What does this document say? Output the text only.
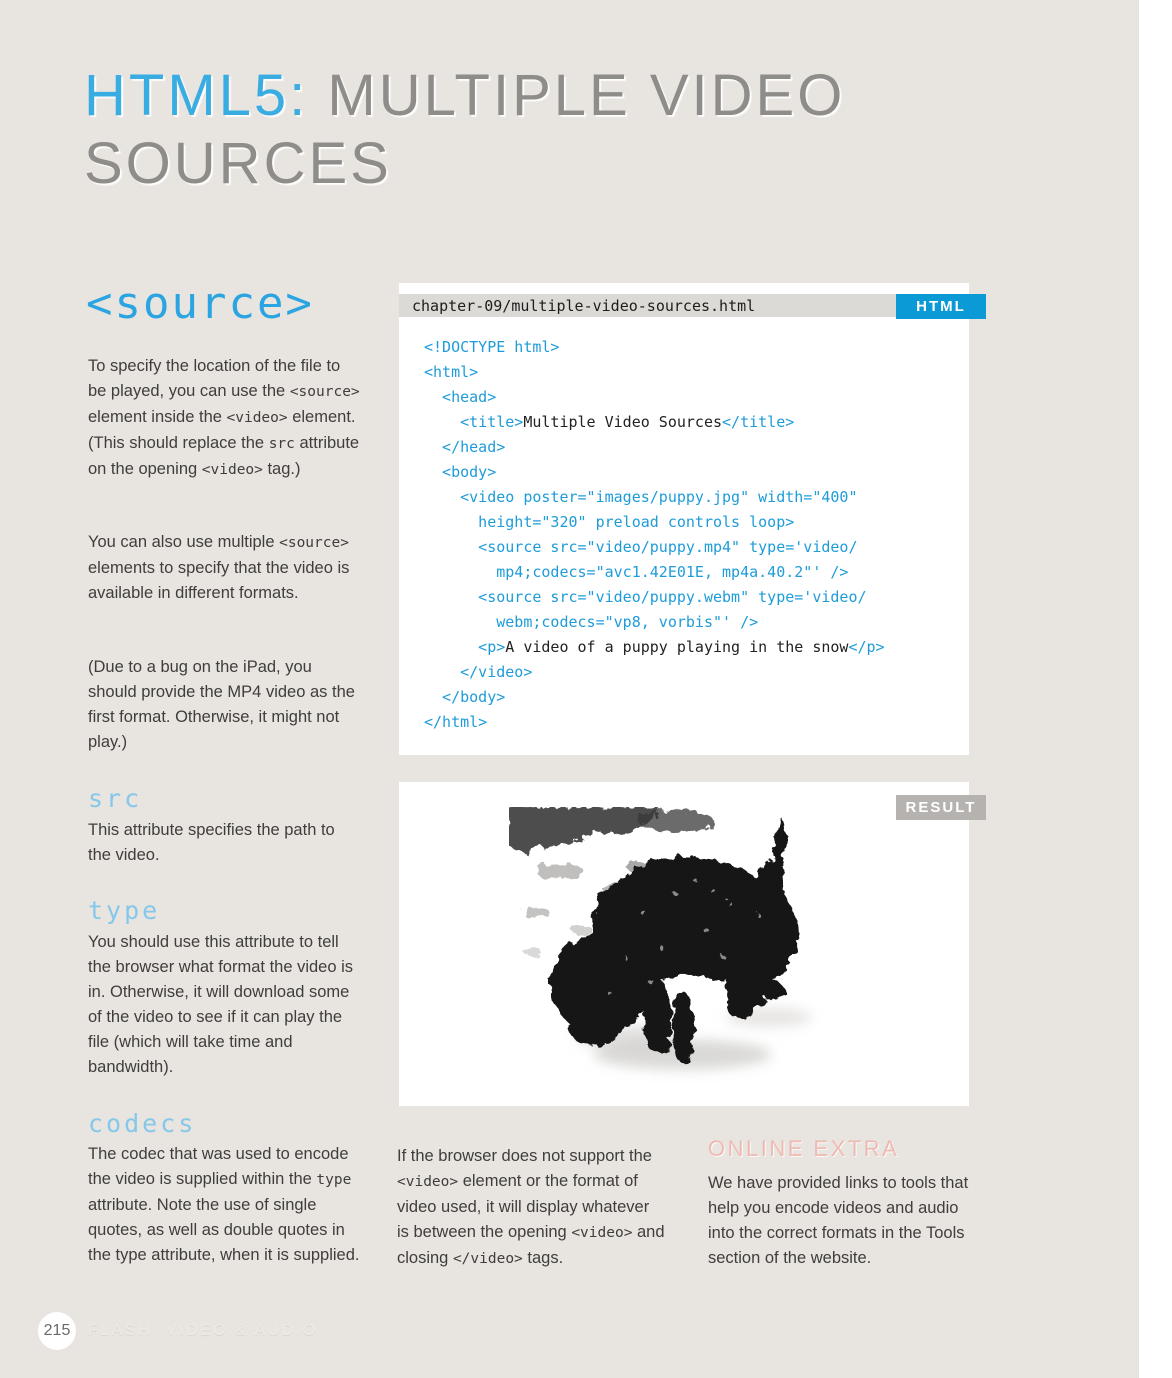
HTML5: MULTIPLE VIDEO SOURCES
<source>

To specify the location of the file to be played, you can use the <source> element inside the <video> element. (This should replace the src attribute on the opening <video> tag.)

You can also use multiple <source> elements to specify that the video is available in different formats.

(Due to a bug on the iPad, you should provide the MP4 video as the first format. Otherwise, it might not play.)

src

This attribute specifies the path to the video.

type

You should use this attribute to tell the browser what format the video is in. Otherwise, it will download some of the video to see if it can play the file (which will take time and bandwidth).

codecs

The codec that was used to encode the video is supplied within the type attribute. Note the use of single quotes, as well as double quotes in the type attribute, when it is supplied.

chapter-09/multiple-video-sources.html	HTML
<!DOCTYPE html>
<html>
<head>
<title>Multiple Video Sources</title>
</head>
<body>
<video poster="images/puppy.jpg" width="400"
height="320" preload controls loop>
<source src="video/puppy.mp4" type='video/
mp4;codecs="avc1.42E01E, mp4a.40.2"' />
<source src="video/puppy.webm" type='video/
webm;codecs="vp8, vorbis"' />
<p>A video of a puppy playing in the snow</p>
</video>
</body>
</html>
RESULT

If the browser does not support the <video> element or the format of video used, it will display whatever is between the opening <video> and closing </video> tags.

ONLINE EXTRA

We have provided links to tools that help you encode videos and audio into the correct formats in the Tools section of the website.

215	FLASH, VIDEO & AUDIO
